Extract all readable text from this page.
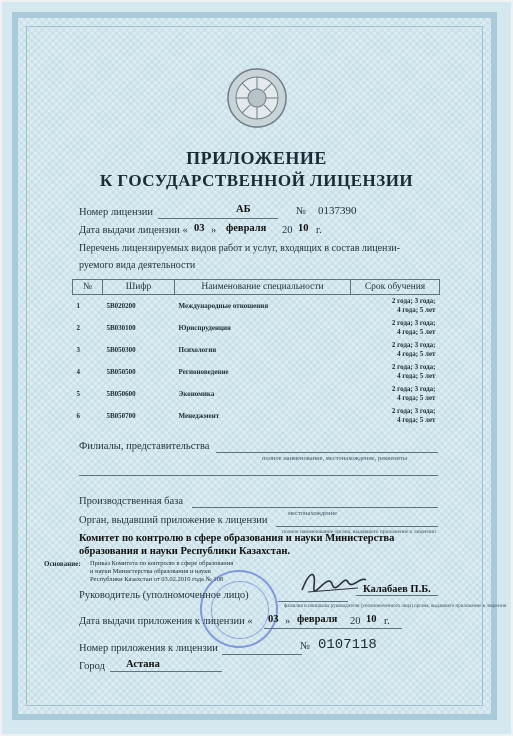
ПРИЛОЖЕНИЕ
К ГОСУДАРСТВЕННОЙ ЛИЦЕНЗИИ
Номер лицензии	АБ	№ 0137390
Дата выдачи лицензии « 03 » февраля 20 10 г.
Перечень лицензируемых видов работ и услуг, входящих в состав лицензи-
руемого вида деятельности
№	Шифр	Наименование специальности	Срок обучения
1	5B020200	Международные отношения	2 года; 3 года;
4 года; 5 лет
2	5B030100	Юриспруденция	2 года; 3 года;
4 года; 5 лет
3	5B050300	Психология	2 года; 3 года;
4 года; 5 лет
4	5B050500	Регионоведение	2 года; 3 года;
4 года; 5 лет
5	5B050600	Экономика	2 года; 3 года;
4 года; 5 лет
6	5B050700	Менеджмент	2 года; 3 года;
4 года; 5 лет
Филиалы, представительства
полное наименование, местонахождение, реквизиты
Производственная база
местонахождение
Орган, выдавший приложение к лицензии
полное наименование органа, выдавшего приложение к лицензии
Комитет по контролю в сфере образования и науки Министерства
образования и науки Республики Казахстан.
Основание: Приказ Комитета по контролю в сфере образования
и науки Министерства образования и науки
Республики Казахстан от 03.02.2010 года № 108
Руководитель (уполномоченное лицо)
Калабаев П.Б.
фамилия и инициалы руководителя (уполномоченного лица) органа, выдавшего приложение к лицензии
Дата выдачи приложения к лицензии « 03 » февраля 20 10 г.
Номер приложения к лицензии	№ 0107118
Город Астана
